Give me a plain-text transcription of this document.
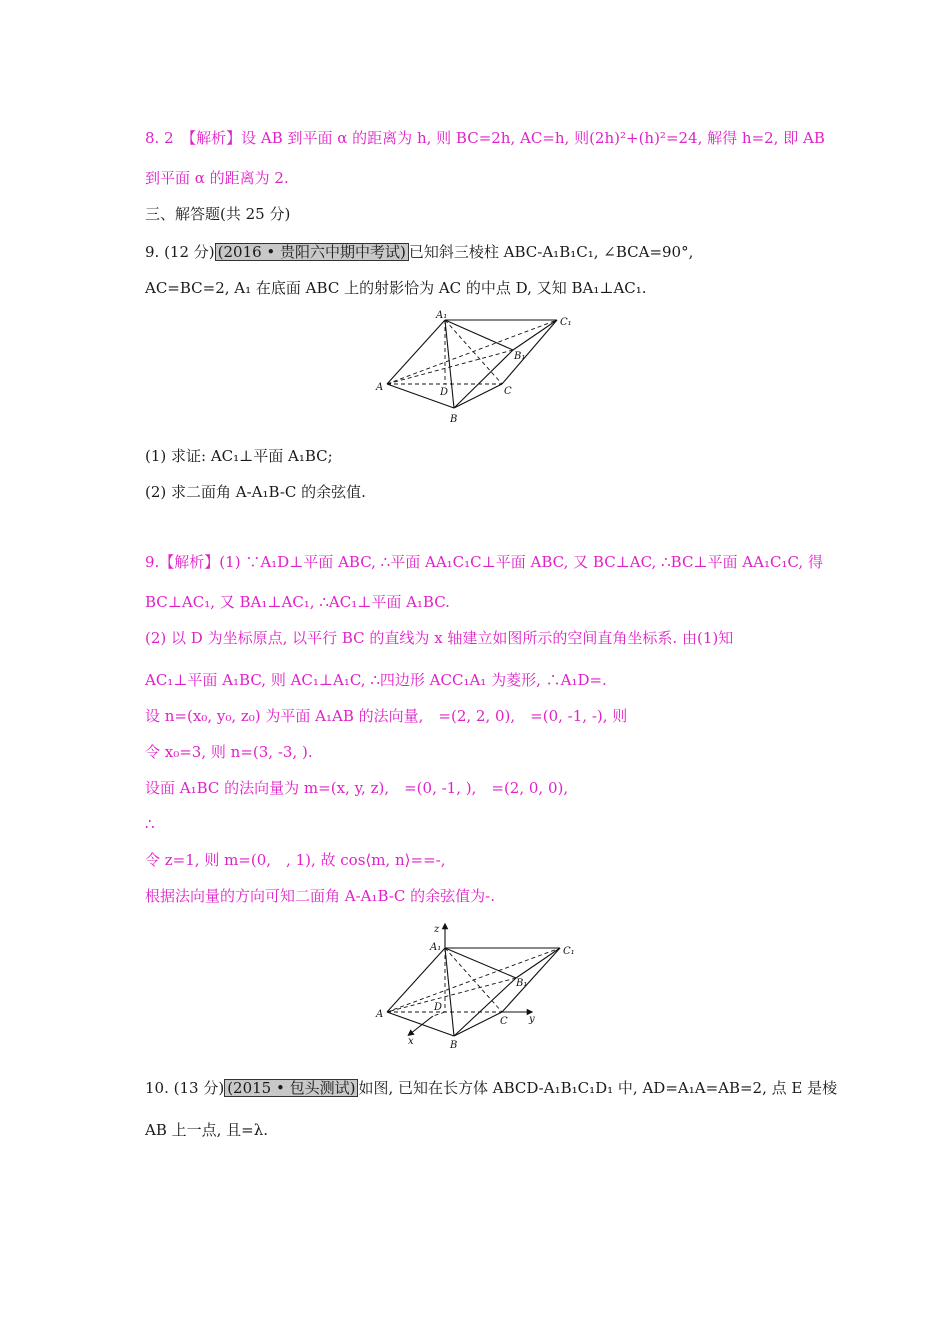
8. 2　【解析】设 AB 到平面 α 的距离为 h, 则 BC=2h, AC=h, 则(2h)²+(h)²=24, 解得 h=2, 即 AB
到平面 α 的距离为 2.
三、解答题(共 25 分)
9. (12 分) (2016 • 贵阳六中期中考试) 已知斜三棱柱 ABC-A₁B₁C₁, ∠BCA=90°,
AC=BC=2, A₁ 在底面 ABC 上的射影恰为 AC 的中点 D, 又知 BA₁⊥AC₁.
A₁
C₁
B₁
A	D	C
B
(1) 求证: AC₁⊥平面 A₁BC;
(2) 求二面角 A-A₁B-C 的余弦值.
9.【解析】(1) ∵A₁D⊥平面 ABC, ∴平面 AA₁C₁C⊥平面 ABC, 又 BC⊥AC, ∴BC⊥平面 AA₁C₁C, 得
BC⊥AC₁, 又 BA₁⊥AC₁, ∴AC₁⊥平面 A₁BC.
(2) 以 D 为坐标原点, 以平行 BC 的直线为 x 轴建立如图所示的空间直角坐标系. 由(1)知
AC₁⊥平面 A₁BC, 则 AC₁⊥A₁C, ∴四边形 ACC₁A₁ 为菱形, ∴A₁D=.
设 n=(x₀, y₀, z₀) 为平面 A₁AB 的法向量,　=(2, 2, 0),　=(0, -1, -), 则
令 x₀=3, 则 n=(3, -3, ).
设面 A₁BC 的法向量为 m=(x, y, z),　=(0, -1, ),　=(2, 0, 0),
∴
令 z=1, 则 m=(0,　, 1), 故 cos⟨m, n⟩==-,
根据法向量的方向可知二面角 A-A₁B-C 的余弦值为-.
z
A₁	C₁
B₁
A
D
C y
x	B
10. (13 分) (2015 • 包头测试) 如图, 已知在长方体 ABCD-A₁B₁C₁D₁ 中, AD=A₁A=AB=2, 点 E 是棱
AB 上一点, 且=λ.
